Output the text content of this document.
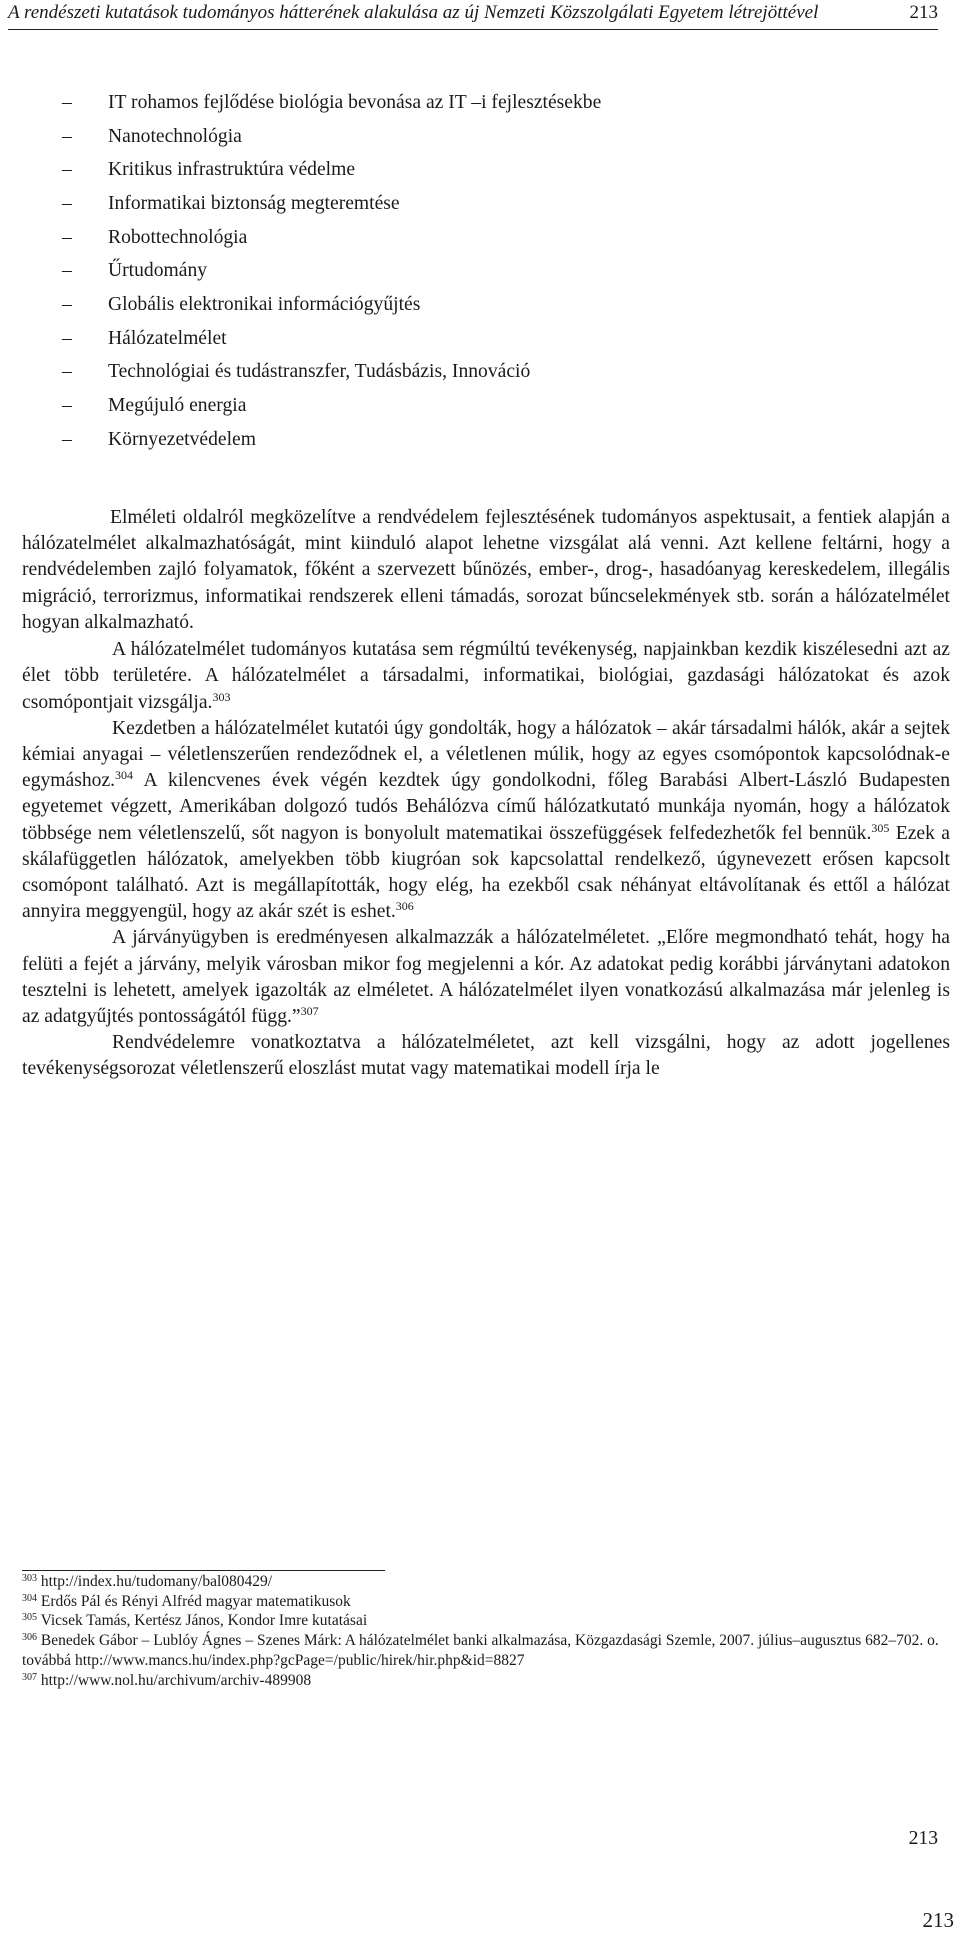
A rendészeti kutatások tudományos hátterének alakulása az új Nemzeti Közszolgálati Egyetem létrejöttével	213
–	IT rohamos fejlődése biológia bevonása az IT –i fejlesztésekbe
–	Nanotechnológia
–	Kritikus infrastruktúra védelme
–	Informatikai biztonság megteremtése
–	Robottechnológia
–	Űrtudomány
–	Globális elektronikai információgyűjtés
–	Hálózatelmélet
–	Technológiai és tudástranszfer, Tudásbázis, Innováció
–	Megújuló energia
–	Környezetvédelem

Elméleti oldalról megközelítve a rendvédelem fejlesztésének tudományos aspektusait, a fentiek alapján a hálózatelmélet alkalmazhatóságát, mint kiinduló alapot lehetne vizsgálat alá venni. Azt kellene feltárni, hogy a rendvédelemben zajló folyamatok, főként a szervezett bűnözés, ember-, drog-, hasadóanyag kereskedelem, illegális migráció, terrorizmus, informatikai rendszerek elleni támadás, sorozat bűncselekmények stb. során a hálózatelmélet hogyan alkalmazható.

A hálózatelmélet tudományos kutatása sem régmúltú tevékenység, napjainkban kezdik kiszélesedni azt az élet több területére. A hálózatelmélet a társadalmi, informatikai, biológiai, gazdasági hálózatokat és azok csomópontjait vizsgálja.$^{303}$

Kezdetben a hálózatelmélet kutatói úgy gondolták, hogy a hálózatok – akár társadalmi hálók, akár a sejtek kémiai anyagai – véletlenszerűen rendeződnek el, a véletlenen múlik, hogy az egyes csomópontok kapcsolódnak-e egymáshoz.$^{304}$ A kilencvenes évek végén kezdtek úgy gondolkodni, főleg Barabási Albert-László Budapesten egyetemet végzett, Amerikában dolgozó tudós Behálózva című hálózatkutató munkája nyomán, hogy a hálózatok többsége nem véletlenszelű, sőt nagyon is bonyolult matematikai összefüggések felfedezhetők fel bennük.$^{305}$ Ezek a skálafüggetlen hálózatok, amelyekben több kiugróan sok kapcsolattal rendelkező, úgynevezett erősen kapcsolt csomópont található. Azt is megállapították, hogy elég, ha ezekből csak néhányat eltávolítanak és ettől a hálózat annyira meggyengül, hogy az akár szét is eshet.$^{306}$

A járványügyben is eredményesen alkalmazzák a hálózatelméletet. „Előre megmondható tehát, hogy ha felüti a fejét a járvány, melyik városban mikor fog megjelenni a kór. Az adatokat pedig korábbi járványtani adatokon tesztelni is lehetett, amelyek igazolták az elméletet. A hálózatelmélet ilyen vonatkozású alkalmazása már jelenleg is az adatgyűjtés pontosságától függ.”$^{307}$

Rendvédelemre vonatkoztatva a hálózatelméletet, azt kell vizsgálni, hogy az adott jogellenes tevékenységsorozat véletlenszerű eloszlást mutat vagy matematikai modell írja le

$^{303}$ http://index.hu/tudomany/bal080429/
$^{304}$ Erdős Pál és Rényi Alfréd magyar matematikusok
$^{305}$ Vicsek Tamás, Kertész János, Kondor Imre kutatásai
$^{306}$ Benedek Gábor – Lublóy Ágnes – Szenes Márk: A hálózatelmélet banki alkalmazása, Közgazdasági Szemle, 2007. július–augusztus 682–702. o.
továbbá http://www.mancs.hu/index.php?gcPage=/public/hirek/hir.php&id=8827
$^{307}$ http://www.nol.hu/archivum/archiv-489908
213
213
